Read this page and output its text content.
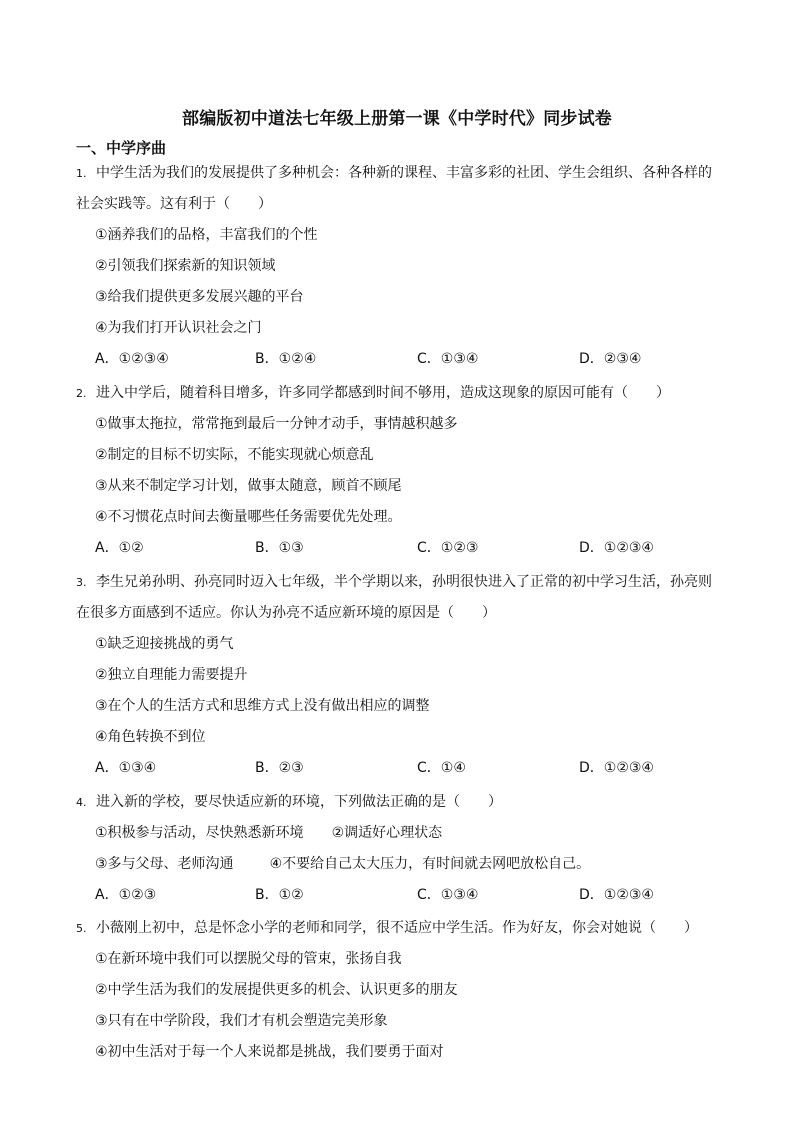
部编版初中道法七年级上册第一课《中学时代》同步试卷
一、中学序曲
1. 中学生活为我们的发展提供了多种机会：各种新的课程、丰富多彩的社团、学生会组织、各种各样的
社会实践等。这有利于（　　）
①涵养我们的品格，丰富我们的个性
②引领我们探索新的知识领域
③给我们提供更多发展兴趣的平台
④为我们打开认识社会之门
A．①②③④	B．①②④	C．①③④	D．②③④
2. 进入中学后，随着科目增多，许多同学都感到时间不够用，造成这现象的原因可能有（　　）
①做事太拖拉，常常拖到最后一分钟才动手，事情越积越多
②制定的目标不切实际，不能实现就心烦意乱
③从来不制定学习计划，做事太随意，顾首不顾尾
④不习惯花点时间去衡量哪些任务需要优先处理。
A．①②	B．①③	C．①②③	D．①②③④
3. 李生兄弟孙明、孙亮同时迈入七年级，半个学期以来，孙明很快进入了正常的初中学习生活，孙亮则
在很多方面感到不适应。你认为孙亮不适应新环境的原因是（　　）
①缺乏迎接挑战的勇气
②独立自理能力需要提升
③在个人的生活方式和思维方式上没有做出相应的调整
④角色转换不到位
A．①③④	B．②③	C．①④	D．①②③④
4. 进入新的学校，要尽快适应新的环境，下列做法正确的是（　　）
①积极参与活动，尽快熟悉新环境 ②调适好心理状态
③多与父母、老师沟通	④不要给自己太大压力，有时间就去网吧放松自己。
A．①②③	B．①②	C．①③④	D．①②③④
5. 小薇刚上初中，总是怀念小学的老师和同学，很不适应中学生活。作为好友，你会对她说（　　）
①在新环境中我们可以摆脱父母的管束，张扬自我
②中学生活为我们的发展提供更多的机会、认识更多的朋友
③只有在中学阶段，我们才有机会塑造完美形象
④初中生活对于每一个人来说都是挑战，我们要勇于面对
